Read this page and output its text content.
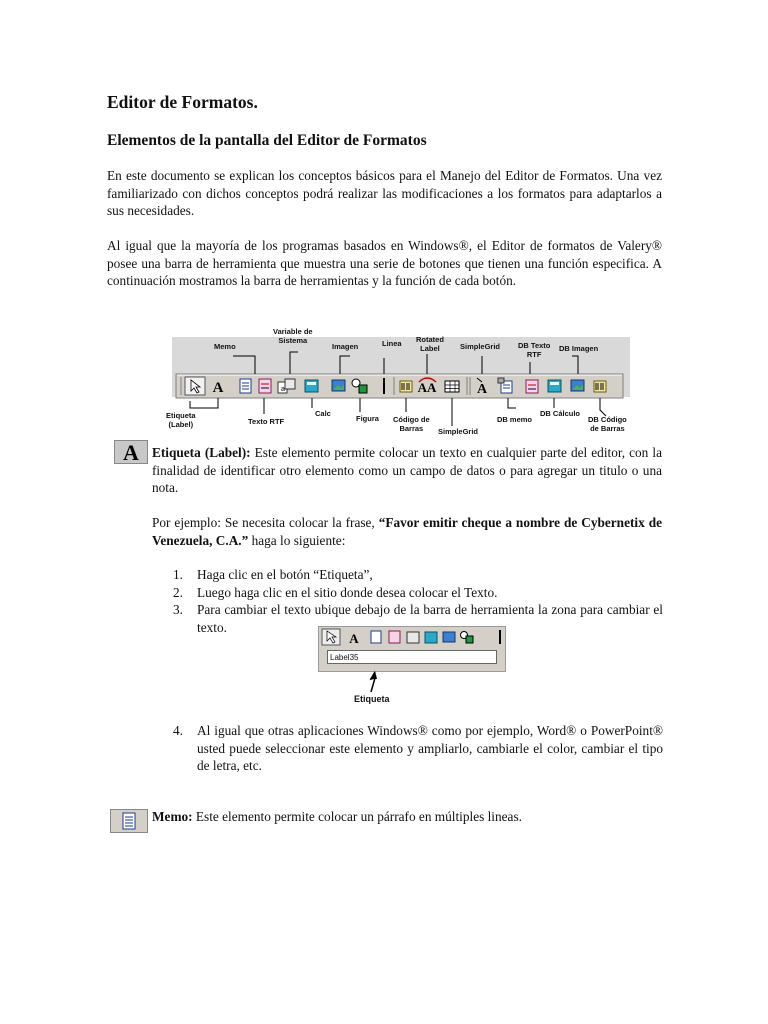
Editor de Formatos.
Elementos de la pantalla del Editor de Formatos

En este documento se explican los conceptos básicos para el Manejo del Editor de Formatos. Una vez familiarizado con dichos conceptos podrá realizar las modificaciones a los formatos para adaptarlos a sus necesidades.

Al igual que la mayoría de los programas basados en Windows®, el Editor de formatos de Valery® posee una barra de herramienta que muestra una serie de botones que tienen una función especifica. A continuación mostramos la barra de herramientas y la función de cada botón.

A	a	AA	A
Memo
Variable de
Sistema
Imagen	Linea Rotated
Label	SimpleGrid DB Texto
RTF
DB Imagen
Etiqueta
(Label)	Texto RTF
Calc
Figura Código de
Barras	SimpleGrid
DB memo
DB Cálculo
DB Código
de Barras
A Etiqueta (Label): Este elemento permite colocar un texto en cualquier parte del editor, con la finalidad de identificar otro elemento como un campo de datos o para agregar un titulo o una nota.

Por ejemplo: Se necesita colocar la frase, “Favor emitir cheque a nombre de Cybernetix de Venezuela, C.A.” haga lo siguiente:

1. Haga clic en el botón “Etiqueta”,
2. Luego haga clic en el sitio donde desea colocar el Texto.
3. Para cambiar el texto ubique debajo de la barra de herramienta la zona para cambiar el texto.
A
Label35
Etiqueta
4. Al igual que otras aplicaciones Windows® como por ejemplo, Word® o PowerPoint® usted puede seleccionar este elemento y ampliarlo, cambiarle el color, cambiar el tipo de letra, etc.

Memo: Este elemento permite colocar un párrafo en múltiples lineas.
